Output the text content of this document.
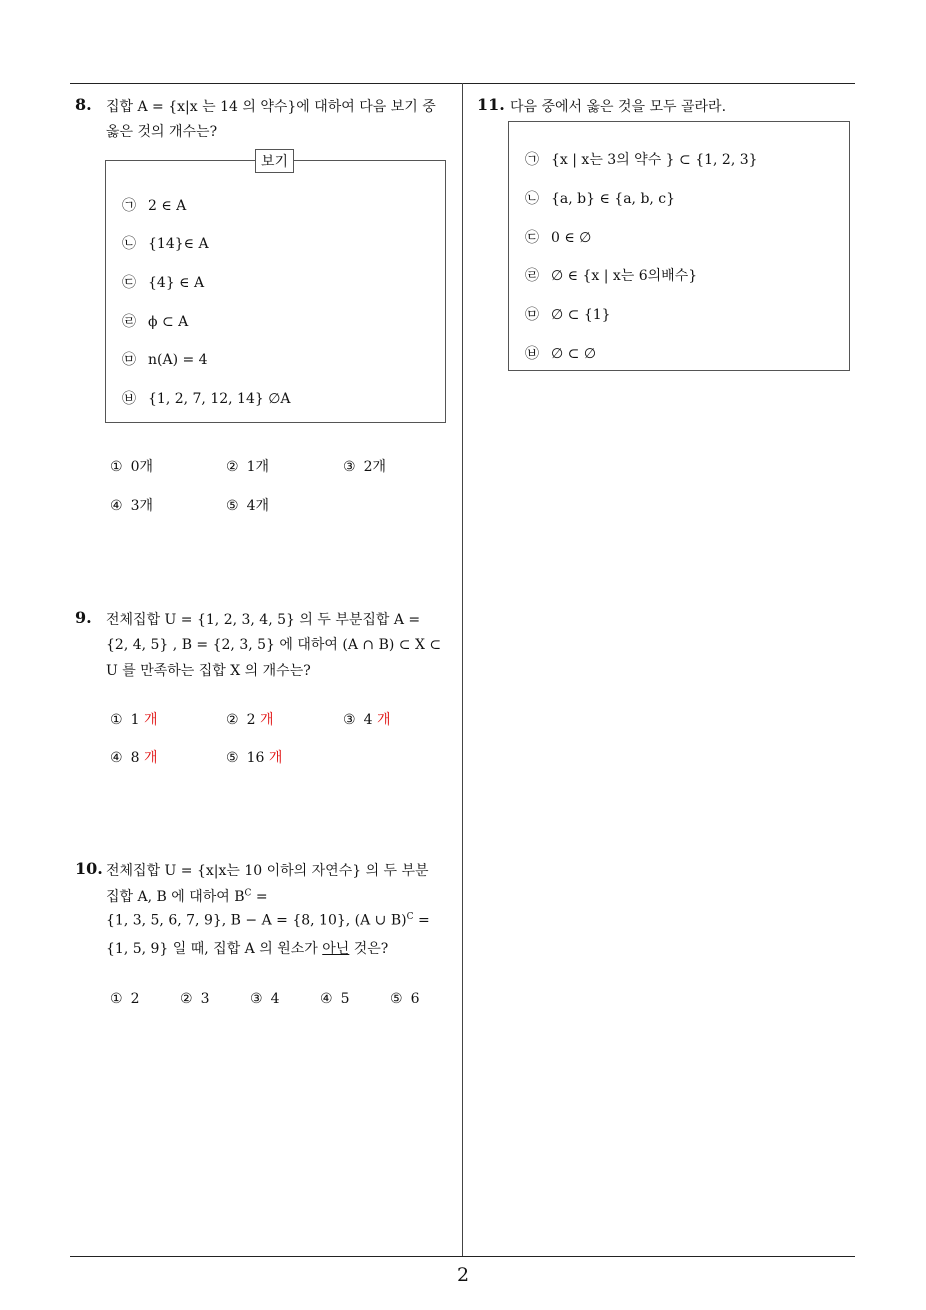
2
8. 집합 A = {x|x 는 14 의 약수}에 대하여 다음 보기 중
옳은 것의 개수는?
보기
㉠ 2 ∈ A
㉡ {14}∈ A
㉢ {4} ∈ A
㉣ ϕ ⊂ A
㉤ n(A) = 4
㉥ {1, 2, 7, 12, 14} ∅A
① 0개	② 1개	③ 2개
④ 3개	⑤ 4개
9. 전체집합 U = {1, 2, 3, 4, 5} 의 두 부분집합 A =
{2, 4, 5} , B = {2, 3, 5} 에 대하여 (A ∩ B) ⊂ X ⊂
U 를 만족하는 집합 X 의 개수는?
① 1 개	② 2 개	③ 4 개
④ 8 개	⑤ 16 개
10. 전체집합 U = {x|x는 10 이하의 자연수} 의 두 부분
집합 A, B 에 대하여 $B^C$ =
{1, 3, 5, 6, 7, 9}, B − A = {8, 10}, (A ∪ B)$^C$ =
{1, 5, 9} 일 때, 집합 A 의 원소가 아닌 것은?
① 2	② 3	③ 4	④ 5	⑤ 6
11. 다음 중에서 옳은 것을 모두 골라라.
㉠ {x | x는 3의 약수 } ⊂ {1, 2, 3}
㉡ {a, b} ∈ {a, b, c}
㉢ 0 ∈ ∅
㉣ ∅ ∈ {x | x는 6의배수}
㉤ ∅ ⊂ {1}
㉥ ∅ ⊂ ∅
